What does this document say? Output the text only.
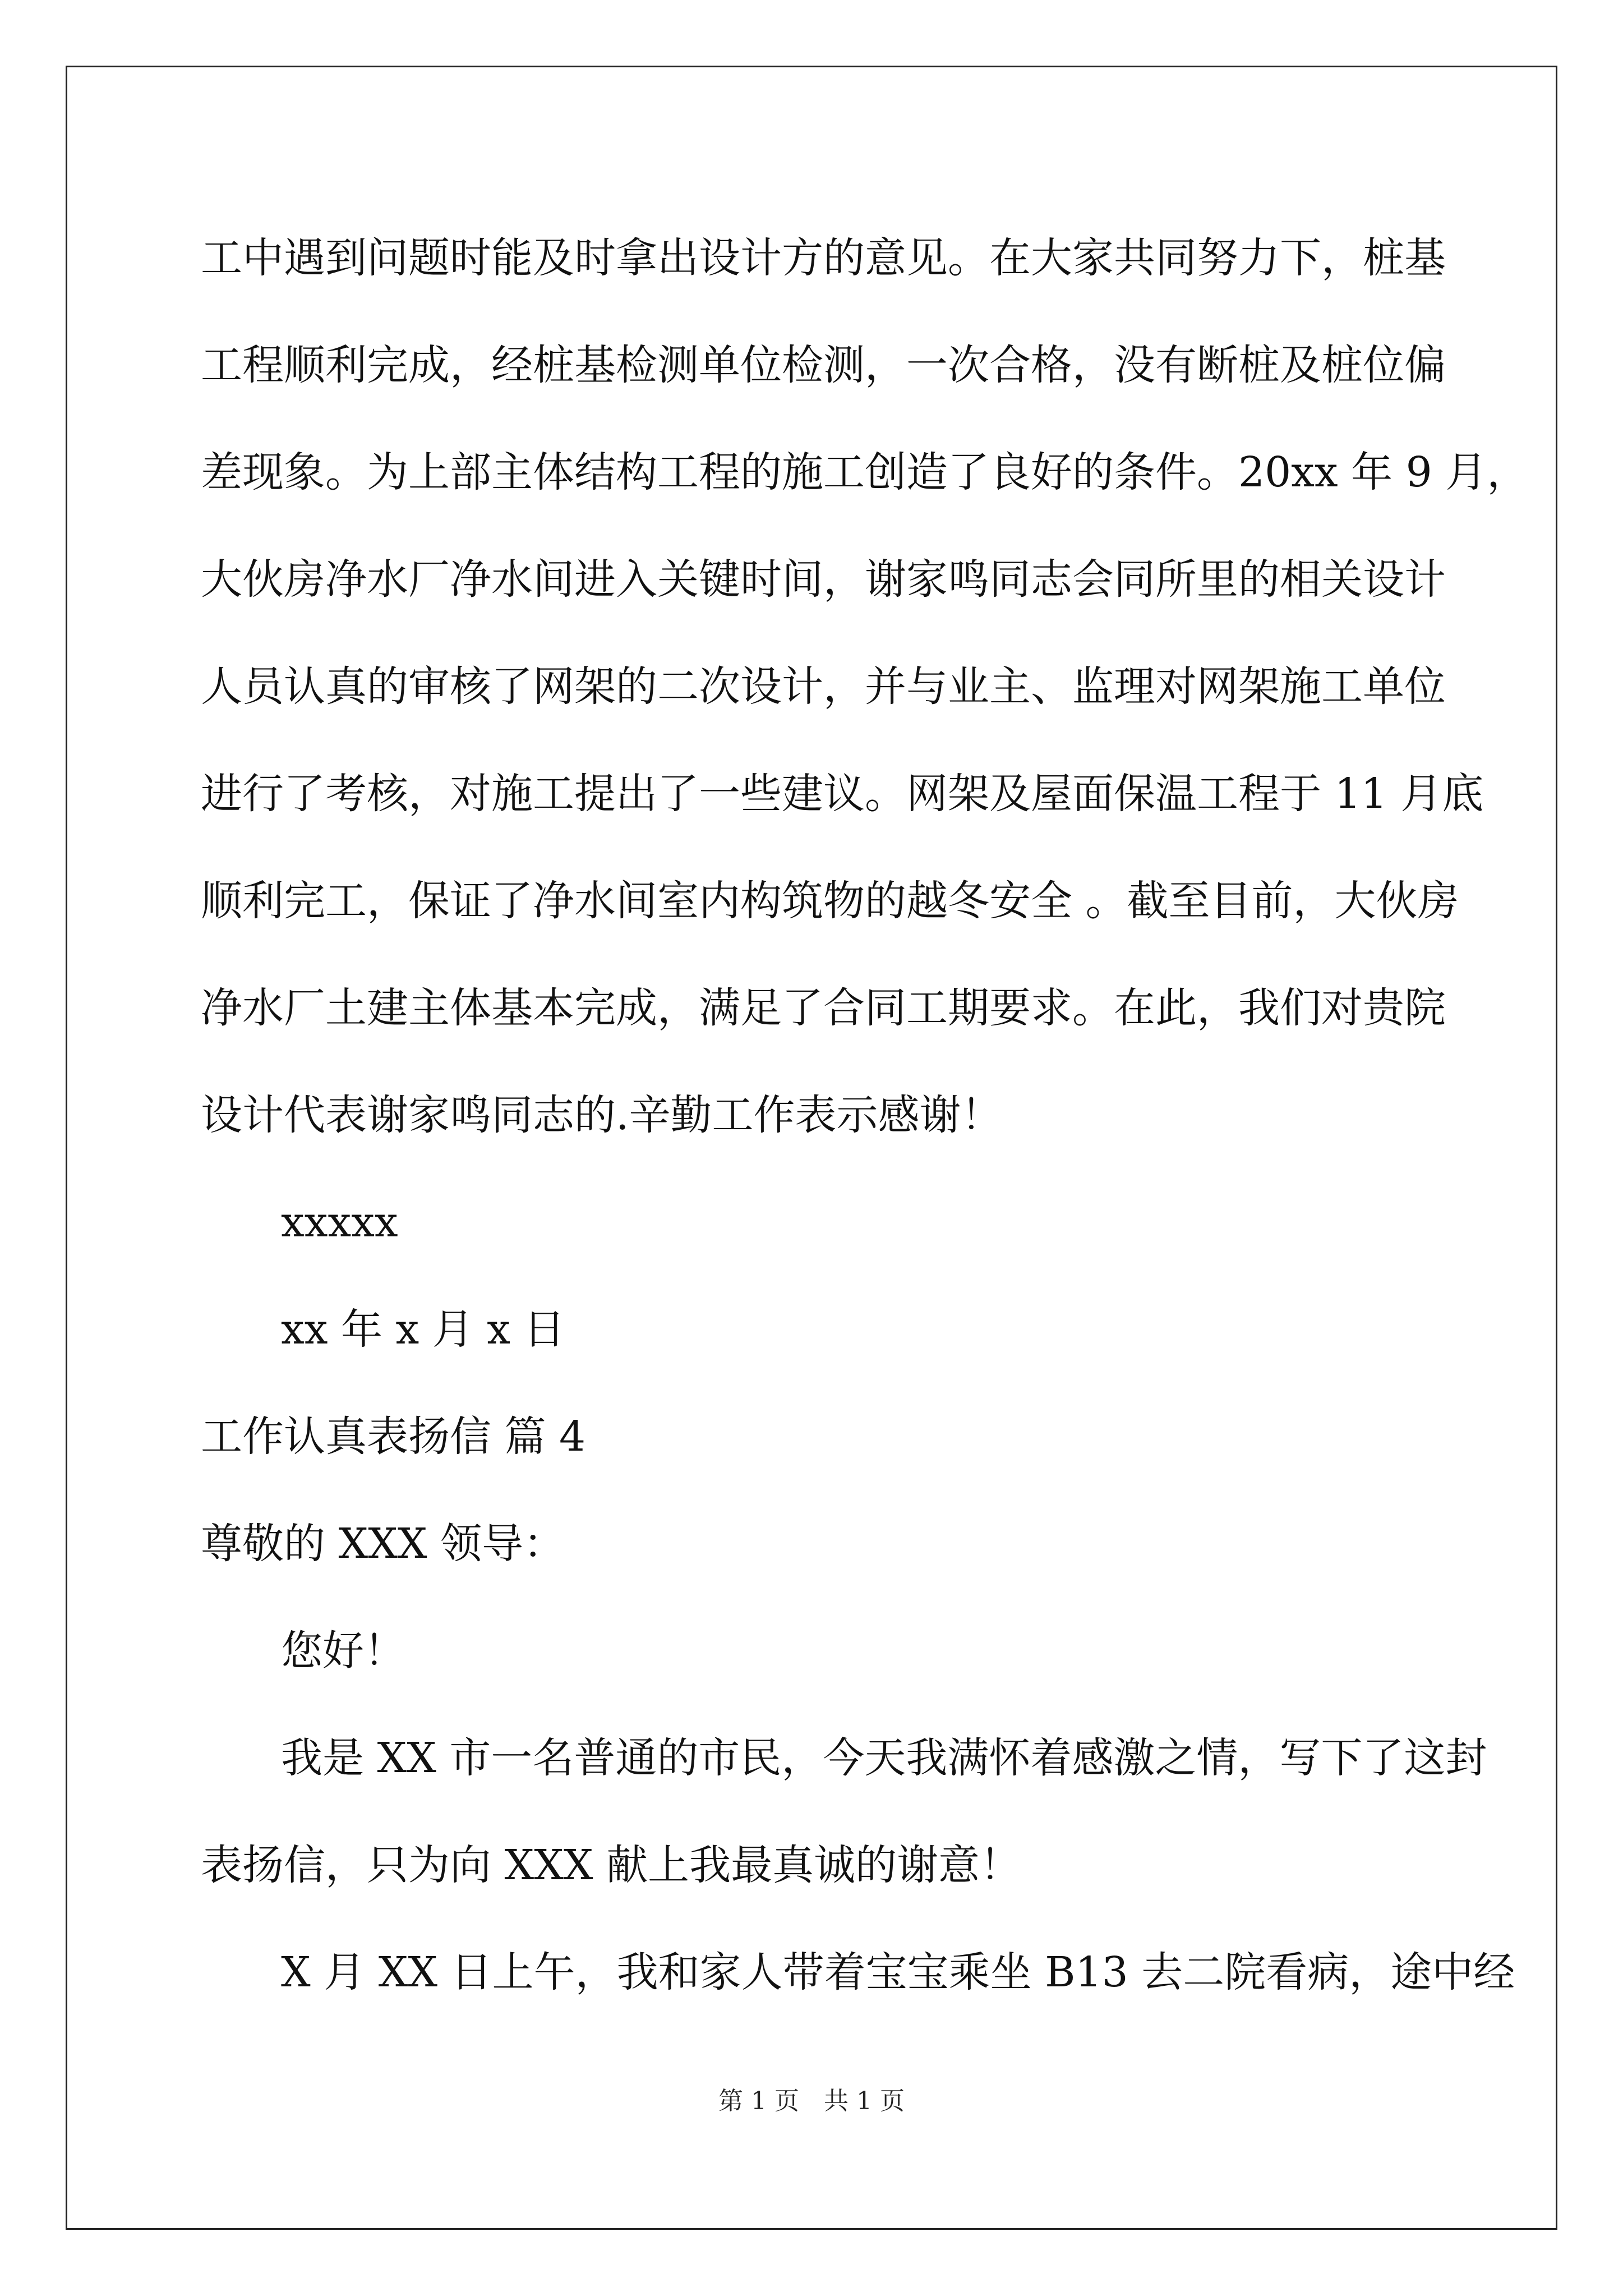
工中遇到问题时能及时拿出设计方的意见。在大家共同努力下，桩基
工程顺利完成，经桩基检测单位检测，一次合格，没有断桩及桩位偏
差现象。为上部主体结构工程的施工创造了良好的条件。20xx 年 9 月，
大伙房净水厂净水间进入关键时间，谢家鸣同志会同所里的相关设计
人员认真的审核了网架的二次设计，并与业主、监理对网架施工单位
进行了考核，对施工提出了一些建议。网架及屋面保温工程于 11 月底
顺利完工，保证了净水间室内构筑物的越冬安全 。截至目前，大伙房
净水厂土建主体基本完成，满足了合同工期要求。在此，我们对贵院
设计代表谢家鸣同志的.辛勤工作表示感谢！
xxxxx
xx 年 x 月 x 日
工作认真表扬信 篇 4
尊敬的 XXX 领导：
您好！
我是 XX 市一名普通的市民，今天我满怀着感激之情，写下了这封
表扬信，只为向 XXX 献上我最真诚的谢意！
X 月 XX 日上午，我和家人带着宝宝乘坐 B13 去二院看病，途中经
第 1 页　共 1 页
